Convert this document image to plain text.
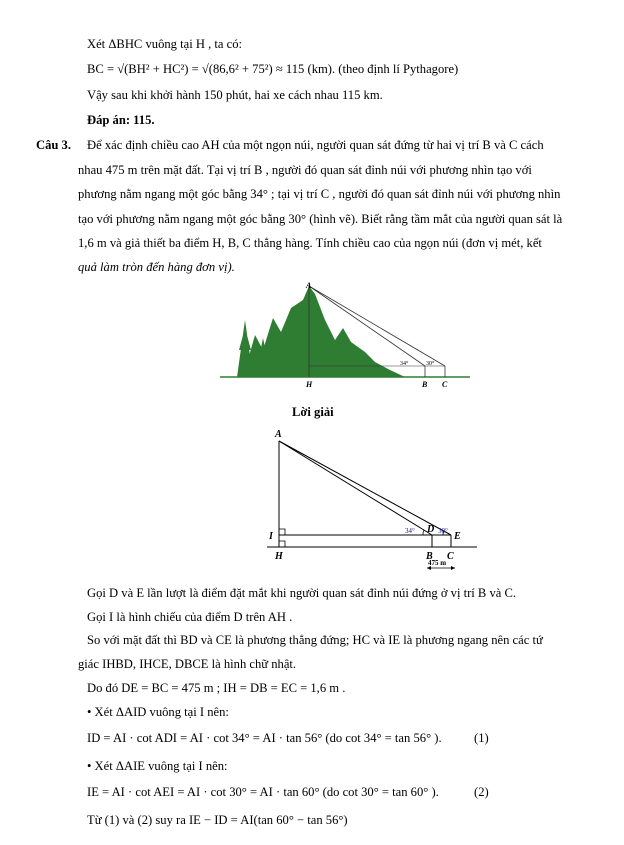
Xét ΔBHC vuông tại H , ta có:
BC = √(BH² + HC²) = √(86,6² + 75²) ≈ 115 (km). (theo định lí Pythagore)
Vậy sau khi khởi hành 150 phút, hai xe cách nhau 115 km.
Đáp án: 115.
Câu 3. Để xác định chiều cao AH của một ngọn núi, người quan sát đứng từ hai vị trí B và C cách
nhau 475 m trên mặt đất. Tại vị trí B , người đó quan sát đỉnh núi với phương nhìn tạo với
phương nằm ngang một góc bằng 34° ; tại vị trí C , người đó quan sát đỉnh núi với phương nhìn
tạo với phương nằm ngang một góc bằng 30° (hình vẽ). Biết rằng tầm mắt của người quan sát là
1,6 m và giả thiết ba điểm H, B, C thẳng hàng. Tính chiều cao của ngọn núi (đơn vị mét, kết
quả làm tròn đến hàng đơn vị).
A
H	B C
34°	30°
Lời giải
A
I
H
D
E
B C
34°	30°
475 m
Gọi D và E lần lượt là điểm đặt mắt khi người quan sát đỉnh núi đứng ở vị trí B và C.
Gọi I là hình chiếu của điểm D trên AH .
So với mặt đất thì BD và CE là phương thẳng đứng; HC và IE là phương ngang nên các tứ
giác IHBD, IHCE, DBCE là hình chữ nhật.
Do đó DE = BC = 475 m ; IH = DB = EC = 1,6 m .
• Xét ΔAID vuông tại I nên:
ID = AI · cot ADI = AI · cot 34° = AI · tan 56° (do cot 34° = tan 56° ).	(1)
• Xét ΔAIE vuông tại I nên:
IE = AI · cot AEI = AI · cot 30° = AI · tan 60° (do cot 30° = tan 60° ).	(2)
Từ (1) và (2) suy ra IE − ID = AI(tan 60° − tan 56°)
